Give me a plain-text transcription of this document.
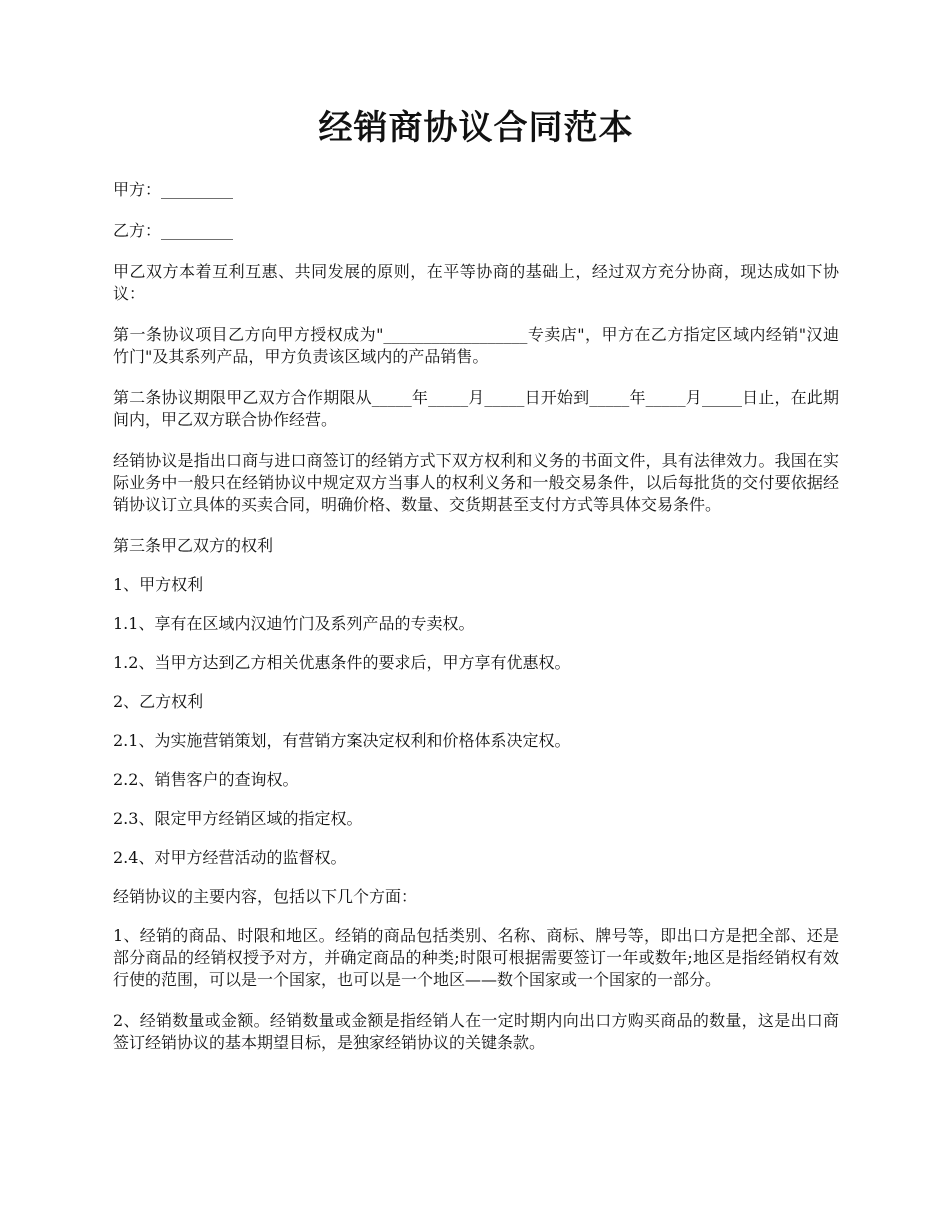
经销商协议合同范本

甲方：_________

乙方：_________

甲乙双方本着互利互惠、共同发展的原则，在平等协商的基础上，经过双方充分协商，现达成如下协议：

第一条协议项目乙方向甲方授权成为"__________________专卖店"，甲方在乙方指定区域内经销"汉迪竹门"及其系列产品，甲方负责该区域内的产品销售。

第二条协议期限甲乙双方合作期限从_____年_____月_____日开始到_____年_____月_____日止，在此期间内，甲乙双方联合协作经营。

经销协议是指出口商与进口商签订的经销方式下双方权利和义务的书面文件，具有法律效力。我国在实际业务中一般只在经销协议中规定双方当事人的权利义务和一般交易条件，以后每批货的交付要依据经销协议订立具体的买卖合同，明确价格、数量、交货期甚至支付方式等具体交易条件。

第三条甲乙双方的权利

1、甲方权利

1.1、享有在区域内汉迪竹门及系列产品的专卖权。

1.2、当甲方达到乙方相关优惠条件的要求后，甲方享有优惠权。

2、乙方权利

2.1、为实施营销策划，有营销方案决定权利和价格体系决定权。

2.2、销售客户的查询权。

2.3、限定甲方经销区域的指定权。

2.4、对甲方经营活动的监督权。

经销协议的主要内容，包括以下几个方面：

1、经销的商品、时限和地区。经销的商品包括类别、名称、商标、牌号等，即出口方是把全部、还是部分商品的经销权授予对方，并确定商品的种类;时限可根据需要签订一年或数年;地区是指经销权有效行使的范围，可以是一个国家，也可以是一个地区——数个国家或一个国家的一部分。

2、经销数量或金额。经销数量或金额是指经销人在一定时期内向出口方购买商品的数量，这是出口商签订经销协议的基本期望目标，是独家经销协议的关键条款。
